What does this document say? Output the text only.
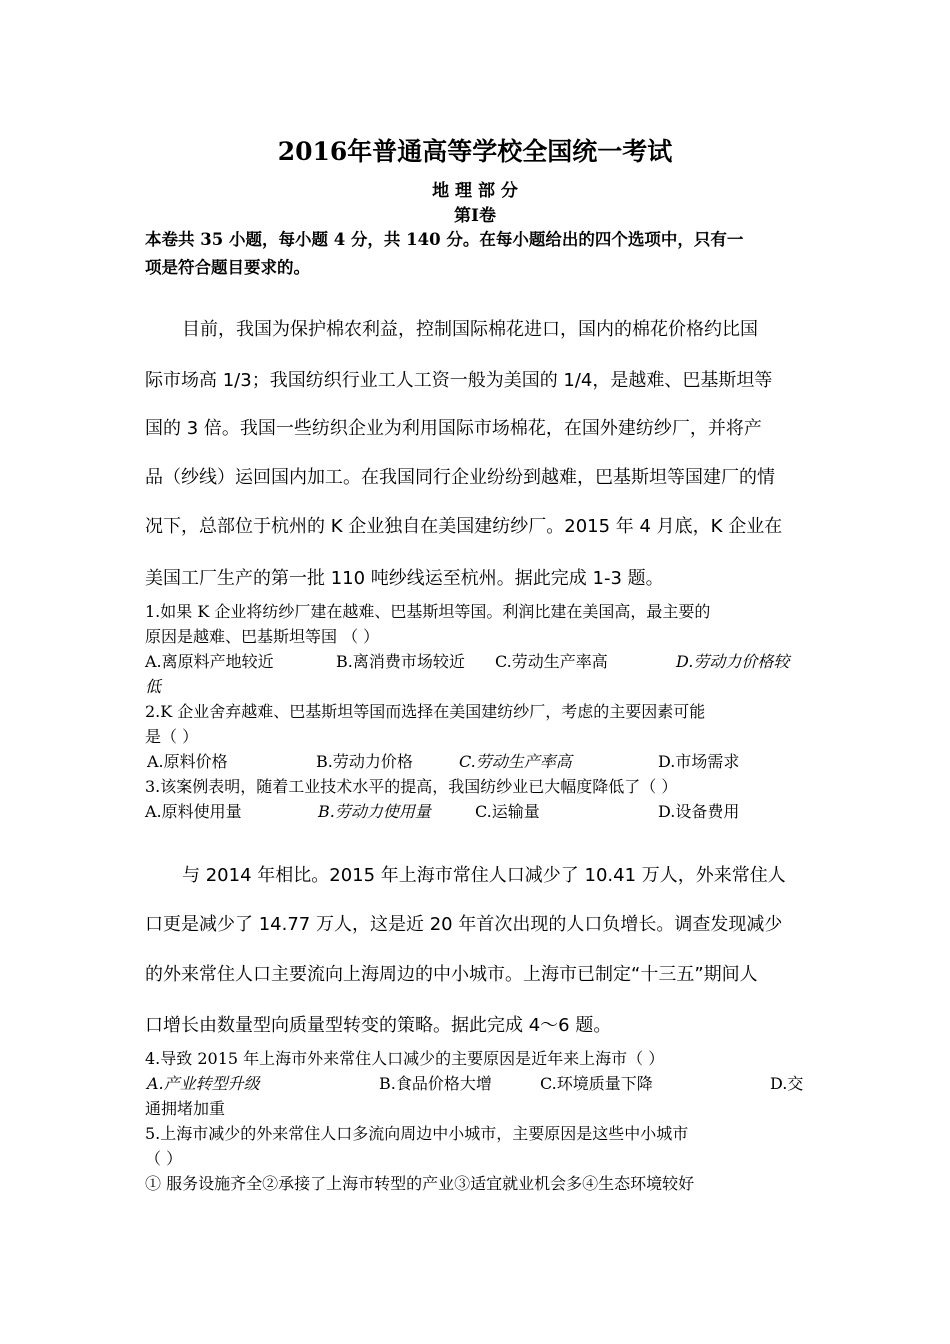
2016年普通高等学校全国统一考试
地 理 部 分
第Ⅰ卷
本卷共 35 小题，每小题 4 分，共 140 分。在每小题给出的四个选项中，只有一
项是符合题目要求的。
目前，我国为保护棉农利益，控制国际棉花进口，国内的棉花价格约比国
际市场高 1/3；我国纺织行业工人工资一般为美国的 1/4，是越难、巴基斯坦等
国的 3 倍。我国一些纺织企业为利用国际市场棉花，在国外建纺纱厂，并将产
品（纱线）运回国内加工。在我国同行企业纷纷到越难，巴基斯坦等国建厂的情
况下，总部位于杭州的 K 企业独自在美国建纺纱厂。2015 年 4 月底，K 企业在
美国工厂生产的第一批 110 吨纱线运至杭州。据此完成 1-3 题。
1.如果 K 企业将纺纱厂建在越难、巴基斯坦等国。利润比建在美国高，最主要的
原因是越难、巴基斯坦等国 （ ）
A.离原料产地较近	B.离消费市场较近 C.劳动生产率高	D.劳动力价格较
低
2.K 企业舍弃越难、巴基斯坦等国而选择在美国建纺纱厂，考虑的主要因素可能
是（ ）
A.原料价格	B.劳动力价格	C.劳动生产率高	D.市场需求
3.该案例表明，随着工业技术水平的提高，我国纺纱业已大幅度降低了（ ）
A.原料使用量	B.劳动力使用量	C.运输量	D.设备费用
与 2014 年相比。2015 年上海市常住人口减少了 10.41 万人，外来常住人
口更是减少了 14.77 万人，这是近 20 年首次出现的人口负增长。调查发现减少
的外来常住人口主要流向上海周边的中小城市。上海市已制定“十三五”期间人
口增长由数量型向质量型转变的策略。据此完成 4～6 题。
4.导致 2015 年上海市外来常住人口减少的主要原因是近年来上海市（ ）
A.产业转型升级	B.食品价格大增	C.环境质量下降	D.交
通拥堵加重
5.上海市减少的外来常住人口多流向周边中小城市，主要原因是这些中小城市
（ ）
① 服务设施齐全②承接了上海市转型的产业③适宜就业机会多④生态环境较好
